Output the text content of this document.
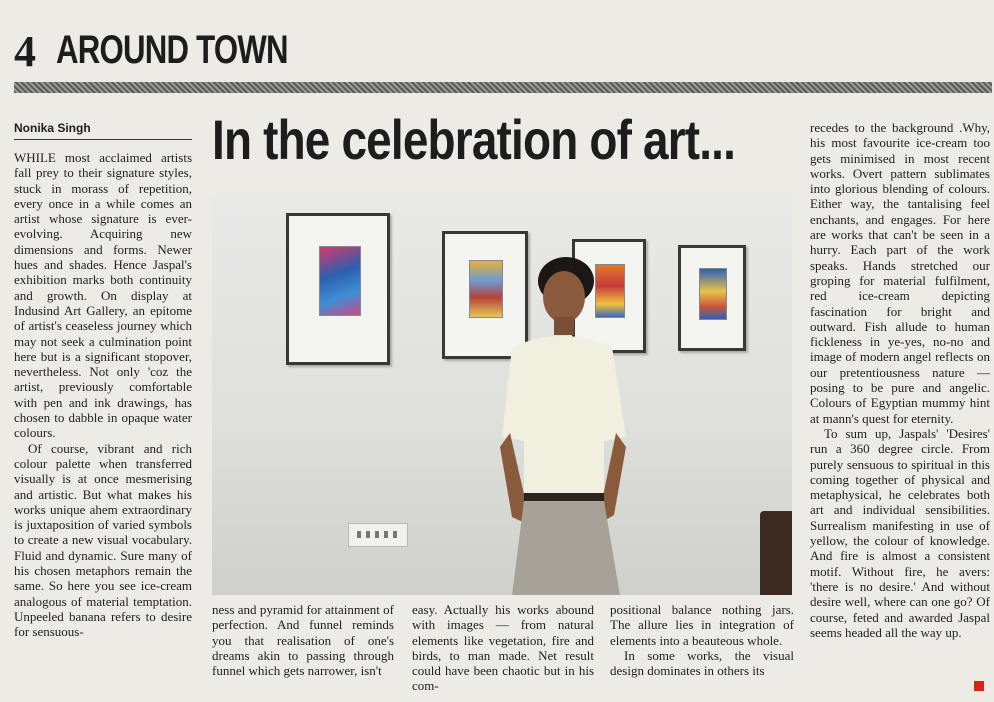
4 AROUND TOWN
Nonika Singh	In the celebration of art...

WHILE most acclaimed artists fall prey to their signature styles, stuck in morass of repetition, every once in a while comes an artist whose signature is ever-evolving. Acquiring new dimensions and forms. Newer hues and shades. Hence Jaspal's exhibition marks both continuity and growth. On display at Indusind Art Gallery, an epitome of artist's ceaseless journey which may not seek a culmination point here but is a significant stopover, nevertheless. Not only 'coz the artist, previously comfortable with pen and ink drawings, has chosen to dabble in opaque water colours.

Of course, vibrant and rich colour palette when transferred visually is at once mesmerising and artistic. But what makes his works unique ahem extraordinary is juxtaposition of varied symbols to create a new visual vocabulary. Fluid and dynamic. Sure many of his chosen metaphors remain the same. So here you see ice-cream analogous of material temptation. Unpeeled banana refers to desire for sensuous-

ness and pyramid for attainment of perfection. And funnel reminds you that realisation of one's dreams akin to passing through funnel which gets narrower, isn't

easy. Actually his works abound with images — from natural elements like vegetation, fire and birds, to man made. Net result could have been chaotic but in his com-

positional balance nothing jars. The allure lies in integration of elements into a beauteous whole.

In some works, the visual design dominates in others its

recedes to the background .Why, his most favourite ice-cream too gets minimised in most recent works. Overt pattern sublimates into glorious blending of colours. Either way, the tantalising feel enchants, and engages. For here are works that can't be seen in a hurry. Each part of the work speaks. Hands stretched our groping for material fulfilment, red ice-cream depicting fascination for bright and outward. Fish allude to human fickleness in ye-yes, no-no and image of modern angel reflects on our pretentiousness nature — posing to be pure and angelic. Colours of Egyptian mummy hint at mann's quest for eternity.

To sum up, Jaspals' 'Desires' run a 360 degree circle. From purely sensuous to spiritual in this coming together of physical and metaphysical, he celebrates both art and individual sensibilities. Surrealism manifesting in use of yellow, the colour of knowledge. And fire is almost a consistent motif. Without fire, he avers: 'there is no desire.' And without desire well, where can one go? Of course, feted and awarded Jaspal seems headed all the way up.
